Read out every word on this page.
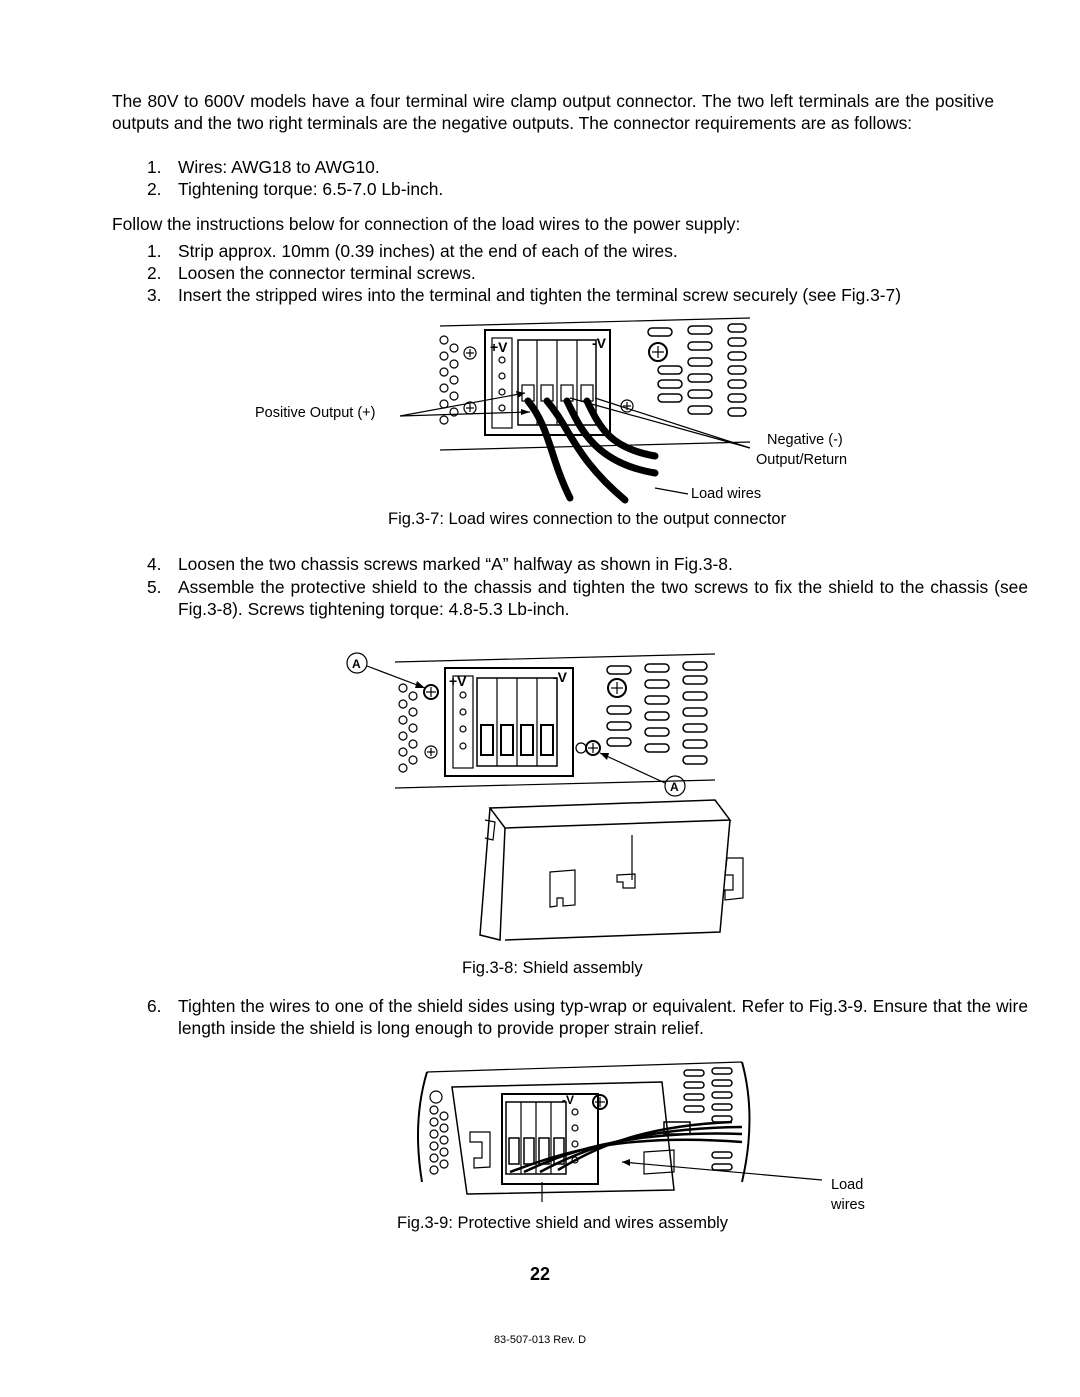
The 80V to 600V models have a four terminal wire clamp output connector. The two left terminals are the positive outputs and the two right terminals are the negative outputs. The connector requirements are as follows:

1. Wires: AWG18 to AWG10.
2. Tightening torque: 6.5-7.0 Lb-inch.

Follow the instructions below for connection of the load wires to the power supply:

1. Strip approx. 10mm (0.39 inches) at the end of each of the wires.
2. Loosen the connector terminal screws.
3. Insert the stripped wires into the terminal and tighten the terminal screw securely (see Fig.3-7)
+V	-V
Positive Output (+)
Negative (-)
Output/Return
Load wires
Fig.3-7: Load wires connection to the output connector
4. Loosen the two chassis screws marked “A” halfway as shown in Fig.3-8.
5. Assemble the protective shield to the chassis and tighten the two screws to fix the shield to the chassis (see Fig.3-8). Screws tightening torque: 4.8-5.3 Lb-inch.
A
A
+V	-V
Fig.3-8: Shield assembly
6. Tighten the wires to one of the shield sides using typ-wrap or equivalent. Refer to Fig.3-9. Ensure that the wire length inside the shield is long enough to provide proper strain relief.
-V
Load
wires
Fig.3-9: Protective shield and wires assembly
22
83-507-013 Rev. D
